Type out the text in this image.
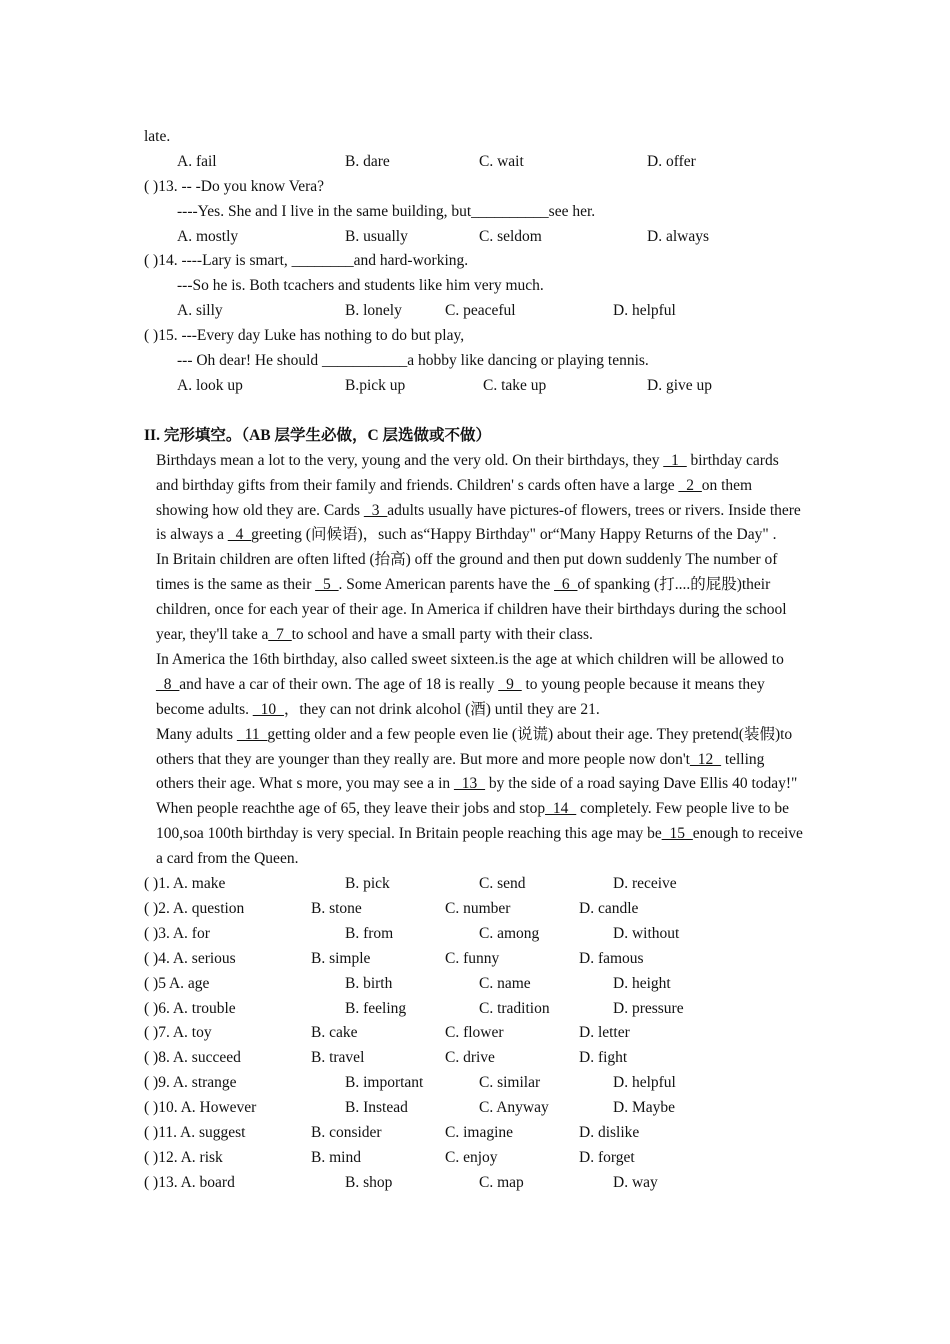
late.
A. fail	B. dare	C. wait	D. offer
( )13. -- -Do you know Vera?
----Yes. She and I live in the same building, but__________see her.
A. mostly	B. usually	C. seldom	D. always
( )14. ----Lary is smart, ________and hard-working.
---So he is. Both tcachers and students like him very much.
A. silly	B. lonely	C. peaceful	D. helpful
( )15. ---Every day Luke has nothing to do but play,
--- Oh dear! He should ___________a hobby like dancing or playing tennis.
A. look up	B.pick up	C. take up	D. give up
II. 完形填空。（AB 层学生必做，C 层选做或不做）

Birthdays mean a lot to the very, young and the very old. On their birthdays, they _1_ birthday cards and birthday gifts from their family and friends. Children' s cards often have a large _2_on them showing how old they are. Cards _3_adults usually have pictures-of flowers, trees or rivers. Inside there is always a _4_greeting (问候语)，such as“Happy Birthday" or“Many Happy Returns of the Day" .

In Britain children are often lifted (抬高) off the ground and then put down suddenly The number of times is the same as their _5_. Some American parents have the _6_of spanking (打....的屁股)their children, once for each year of their age. In America if children have their birthdays during the school year, they'll take a_7_to school and have a small party with their class.

In America the 16th birthday, also called sweet sixteen.is the age at which children will be allowed to _8_and have a car of their own. The age of 18 is really _9_ to young people because it means they become adults. _10_，they can not drink alcohol (酒) until they are 21.

Many adults _11_getting older and a few people even lie (说谎) about their age. They pretend(装假)to others that they are younger than they really are. But more and more people now don't_12_ telling others their age. What s more, you may see a in _13_ by the side of a road saying Dave Ellis 40 today!" When people reachthe age of 65, they leave their jobs and stop_14_ completely. Few people live to be 100,soa 100th birthday is very special. In Britain people reaching this age may be_15_enough to receive a card from the Queen.

( )1. A. make	B. pick	C. send	D. receive
( )2. A. question	B. stone	C. number	D. candle
( )3. A. for	B. from	C. among	D. without
( )4. A. serious	B. simple	C. funny	D. famous
( )5 A. age	B. birth	C. name	D. height
( )6. A. trouble	B. feeling	C. tradition	D. pressure
( )7. A. toy	B. cake	C. flower	D. letter
( )8. A. succeed	B. travel	C. drive	D. fight
( )9. A. strange	B. important	C. similar	D. helpful
( )10. A. However	B. Instead	C. Anyway	D. Maybe
( )11. A. suggest	B. consider	C. imagine	D. dislike
( )12. A. risk	B. mind	C. enjoy	D. forget
( )13. A. board	B. shop	C. map	D. way
